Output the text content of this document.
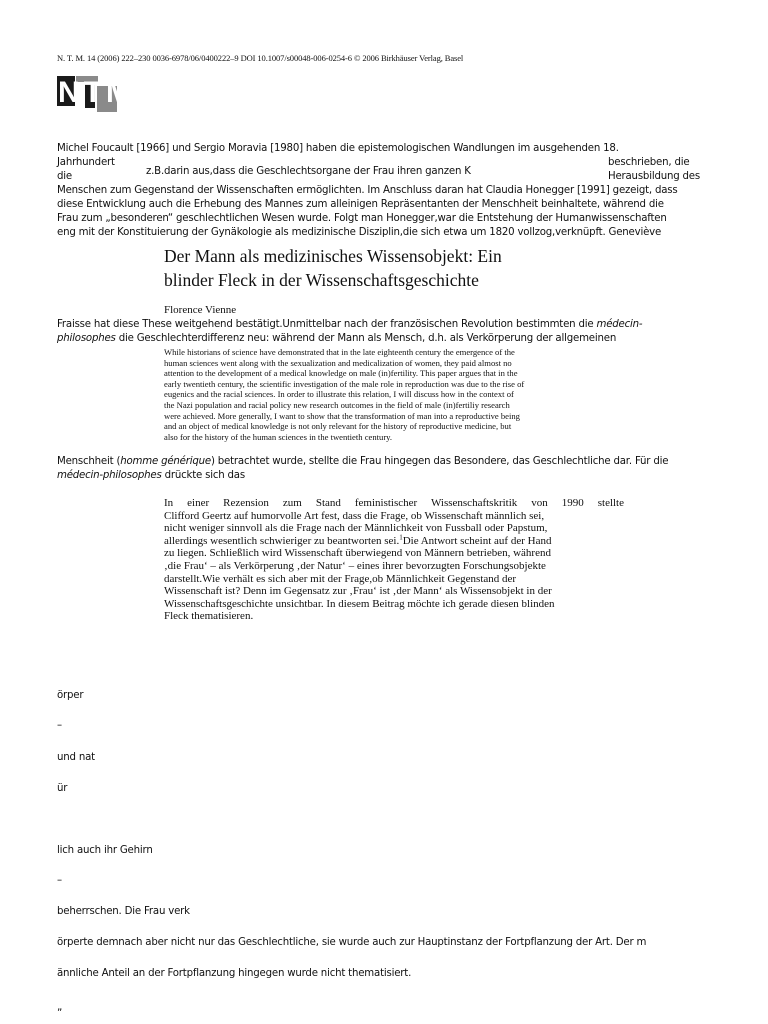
N. T. M. 14 (2006) 222–230 0036-6978/06/0400222–9 DOI 10.1007/s00048-006-0254-6 © 2006 Birkhäuser Verlag, Basel
NTM
Michel Foucault [1966] und Sergio Moravia [1980] haben die epistemologischen Wandlungen im ausgehenden 18.
Jahrhundert	beschrieben, die
die	z.B.darin aus,dass die Geschlechtsorgane der Frau ihren ganzen K	Herausbildung des
Menschen zum Gegenstand der Wissenschaften ermöglichten. Im Anschluss daran hat Claudia Honegger [1991] gezeigt, dass
diese Entwicklung auch die Erhebung des Mannes zum alleinigen Repräsentanten der Menschheit beinhaltete, während die
Frau zum „besonderen“ geschlechtlichen Wesen wurde. Folgt man Honegger,war die Entstehung der Humanwissenschaften
eng mit der Konstituierung der Gynäkologie als medizinische Disziplin,die sich etwa um 1820 vollzog,verknüpft. Geneviève
Der Mann als medizinisches Wissensobjekt: Ein
blinder Fleck in der Wissenschaftsgeschichte
Florence Vienne
Fraisse hat diese These weitgehend bestätigt.Unmittelbar nach der französischen Revolution bestimmten die médecin-
philosophes die Geschlechterdifferenz neu: während der Mann als Mensch, d.h. als Verkörperung der allgemeinen
While historians of science have demonstrated that in the late eighteenth century the emergence of the
human sciences went along with the sexualization and medicalization of women, they paid almost no
attention to the development of a medical knowledge on male (in)fertility. This paper argues that in the
early twentieth century, the scientific investigation of the male role in reproduction was due to the rise of
eugenics and the racial sciences. In order to illustrate this relation, I will discuss how in the context of
the Nazi population and racial policy new research outcomes in the field of male (in)fertiliy research
were achieved. More generally, I want to show that the transformation of man into a reproductive being
and an object of medical knowledge is not only relevant for the history of reproductive medicine, but
also for the history of the human sciences in the twentieth century.
Menschheit (homme générique) betrachtet wurde, stellte die Frau hingegen das Besondere, das Geschlechtliche dar. Für die
médecin-philosophes drückte sich das
In einer Rezension zum Stand feministischer Wissenschaftskritik von 1990 stellte
Clifford Geertz auf humorvolle Art fest, dass die Frage, ob Wissenschaft männlich sei,
nicht weniger sinnvoll als die Frage nach der Männlichkeit von Fussball oder Papstum,
allerdings wesentlich schwieriger zu beantworten sei.$^1$Die Antwort scheint auf der Hand
zu liegen. Schließlich wird Wissenschaft überwiegend von Männern betrieben, während
‚die Frau‘ – als Verkörperung ‚der Natur‘ – eines ihrer bevorzugten Forschungsobjekte
darstellt.Wie verhält es sich aber mit der Frage,ob Männlichkeit Gegenstand der
Wissenschaft ist? Denn im Gegensatz zur ‚Frau‘ ist ‚der Mann‘ als Wissensobjekt in der
Wissenschaftsgeschichte unsichtbar. In diesem Beitrag möchte ich gerade diesen blinden
Fleck thematisieren.
örper
–
und nat
ür
lich auch ihr Gehirn
–
beherrschen. Die Frau verk
örperte demnach aber nicht nur das Geschlechtliche, sie wurde auch zur Hauptinstanz der Fortpflanzung der Art. Der m
ännliche Anteil an der Fortpflanzung hingegen wurde nicht thematisiert.
„
